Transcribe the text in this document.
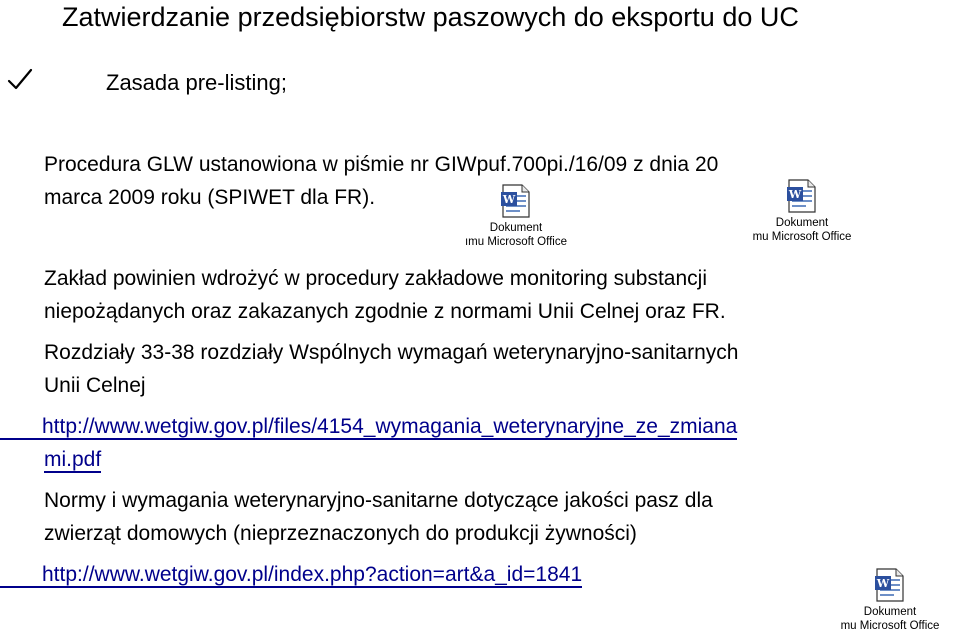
Zatwierdzanie przedsiębiorstw paszowych do eksportu do UC
Zasada pre-listing;
Procedura GLW ustanowiona w piśmie nr GIWpuf.700pi./16/09 z dnia 20
marca 2009 roku (SPIWET dla FR).	W
Dokument
ımu Microsoft Office
W
Dokument
mu Microsoft Office
Zakład powinien wdrożyć w procedury zakładowe monitoring substancji
niepożądanych oraz zakazanych zgodnie z normami Unii Celnej oraz FR.
Rozdziały 33-38 rozdziały Wspólnych wymagań weterynaryjno-sanitarnych
Unii Celnej
  http://www.wetgiw.gov.pl/files/4154_wymagania_weterynaryjne_ze_zmiana
mi.pdf
Normy i wymagania weterynaryjno-sanitarne dotyczące jakości pasz dla
zwierząt domowych (nieprzeznaczonych do produkcji żywności)
  http://www.wetgiw.gov.pl/index.php?action=art&a_id=1841	W
Dokument
mu Microsoft Office
